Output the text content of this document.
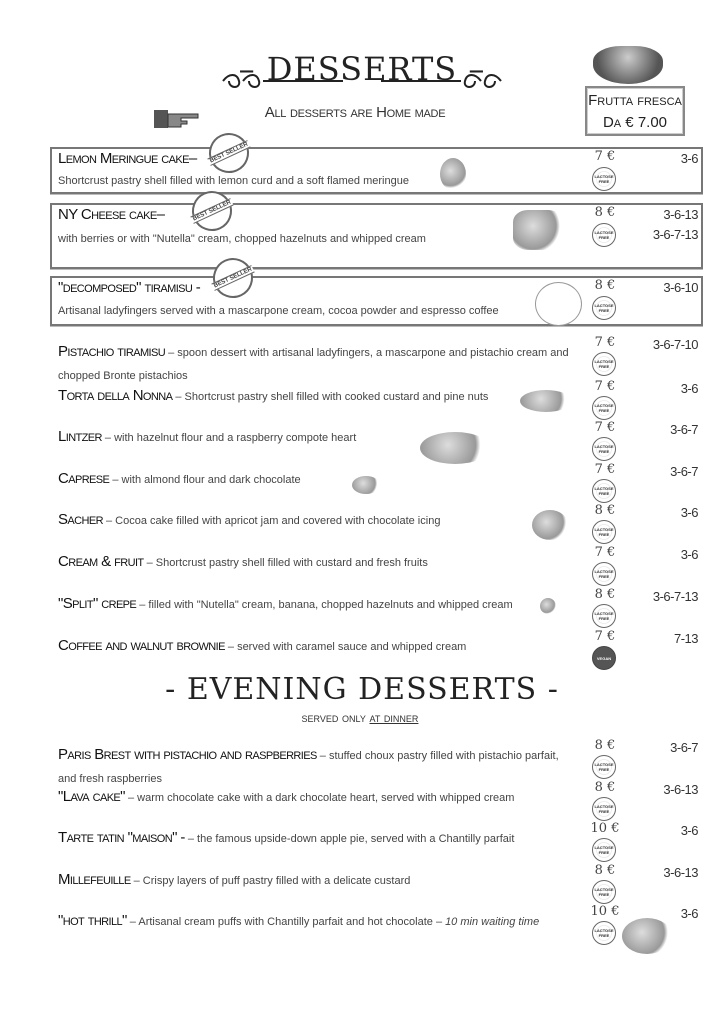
– DESSERTS –
All desserts are Home made
Frutta fresca
Da € 7.00
Lemon Meringue cake–
Shortcrust pastry shell filled with lemon curd and a soft flamed meringue
7 €
LACTOSE FREE
3-6
BEST SELLER
NY Cheese cake–
with berries or with "Nutella" cream, chopped hazelnuts and whipped cream
8 €
LACTOSE FREE
3-6-13
3-6-7-13
BEST SELLER
"decomposed" tiramisu -
Artisanal ladyfingers served with a mascarpone cream, cocoa powder and espresso coffee
8 €
LACTOSE FREE
3-6-10
BEST SELLER
Pistachio tiramisu – spoon dessert with artisanal ladyfingers, a mascarpone and pistachio cream and chopped Bronte pistachios
7 €
LACTOSE FREE
3-6-7-10
Torta della Nonna – Shortcrust pastry shell filled with cooked custard and pine nuts
7 €
LACTOSE FREE
3-6
Lintzer – with hazelnut flour and a raspberry compote heart
7 €
LACTOSE FREE
3-6-7
Caprese – with almond flour and dark chocolate
7 €
LACTOSE FREE
3-6-7
Sacher – Cocoa cake filled with apricot jam and covered with chocolate icing
8 €
LACTOSE FREE
3-6
Cream & fruit – Shortcrust pastry shell filled with custard and fresh fruits
7 €
LACTOSE FREE
3-6
"Split" crepe – filled with "Nutella" cream, banana, chopped hazelnuts and whipped cream
8 €
LACTOSE FREE
3-6-7-13
Coffee and walnut brownie – served with caramel sauce and whipped cream
7 €
VEGAN
7-13
Paris Brest with pistachio and raspberries – stuffed choux pastry filled with pistachio parfait, and fresh raspberries
8 €
LACTOSE FREE
3-6-7
"Lava cake" – warm chocolate cake with a dark chocolate heart, served with whipped cream
8 €
LACTOSE FREE
3-6-13
Tarte tatin "maison" - – the famous upside-down apple pie, served with a Chantilly parfait
10 €
LACTOSE FREE
3-6
Millefeuille – Crispy layers of puff pastry filled with a delicate custard
8 €
LACTOSE FREE
3-6-13
"hot thrill" – Artisanal cream puffs with Chantilly parfait and hot chocolate – 10 min waiting time
10 €
LACTOSE FREE
3-6
- EVENING DESSERTS -
served only at dinner
